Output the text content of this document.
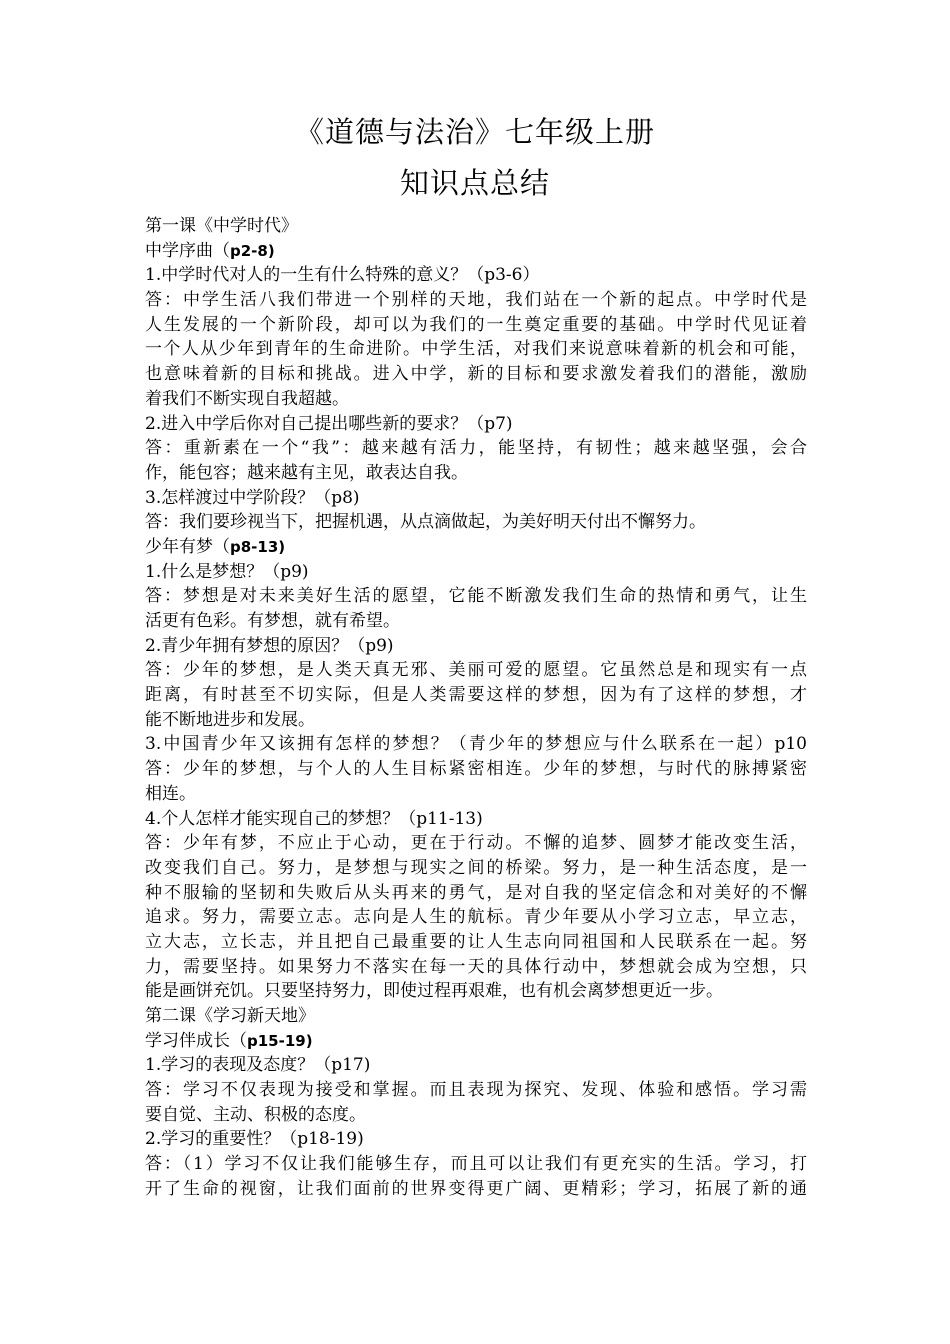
《道德与法治》七年级上册
知识点总结
第一课《中学时代》
中学序曲（p2-8)
1.中学时代对人的一生有什么特殊的意义？（p3-6）
答：中学生活八我们带进一个别样的天地，我们站在一个新的起点。中学时代是
人生发展的一个新阶段，却可以为我们的一生奠定重要的基础。中学时代见证着
一个人从少年到青年的生命进阶。中学生活，对我们来说意味着新的机会和可能，
也意味着新的目标和挑战。进入中学，新的目标和要求激发着我们的潜能，激励
着我们不断实现自我超越。
2.进入中学后你对自己提出哪些新的要求？（p7)
答：重新素在一个“我”：越来越有活力，能坚持，有韧性；越来越坚强，会合
作，能包容；越来越有主见，敢表达自我。
3.怎样渡过中学阶段？（p8)
答：我们要珍视当下，把握机遇，从点滴做起，为美好明天付出不懈努力。
少年有梦（p8-13)
1.什么是梦想？（p9)
答：梦想是对未来美好生活的愿望，它能不断激发我们生命的热情和勇气，让生
活更有色彩。有梦想，就有希望。
2.青少年拥有梦想的原因？（p9)
答：少年的梦想，是人类天真无邪、美丽可爱的愿望。它虽然总是和现实有一点
距离，有时甚至不切实际，但是人类需要这样的梦想，因为有了这样的梦想，才
能不断地进步和发展。
3.中国青少年又该拥有怎样的梦想？（青少年的梦想应与什么联系在一起）p10
答：少年的梦想，与个人的人生目标紧密相连。少年的梦想，与时代的脉搏紧密
相连。
4.个人怎样才能实现自己的梦想？（p11-13)
答：少年有梦，不应止于心动，更在于行动。不懈的追梦、圆梦才能改变生活，
改变我们自己。努力，是梦想与现实之间的桥梁。努力，是一种生活态度，是一
种不服输的坚韧和失败后从头再来的勇气，是对自我的坚定信念和对美好的不懈
追求。努力，需要立志。志向是人生的航标。青少年要从小学习立志，早立志，
立大志，立长志，并且把自己最重要的让人生志向同祖国和人民联系在一起。努
力，需要坚持。如果努力不落实在每一天的具体行动中，梦想就会成为空想，只
能是画饼充饥。只要坚持努力，即使过程再艰难，也有机会离梦想更近一步。
第二课《学习新天地》
学习伴成长（p15-19)
1.学习的表现及态度？（p17)
答：学习不仅表现为接受和掌握。而且表现为探究、发现、体验和感悟。学习需
要自觉、主动、积极的态度。
2.学习的重要性？（p18-19)
答：（1）学习不仅让我们能够生存，而且可以让我们有更充实的生活。学习，打
开了生命的视窗，让我们面前的世界变得更广阔、更精彩；学习，拓展了新的通
